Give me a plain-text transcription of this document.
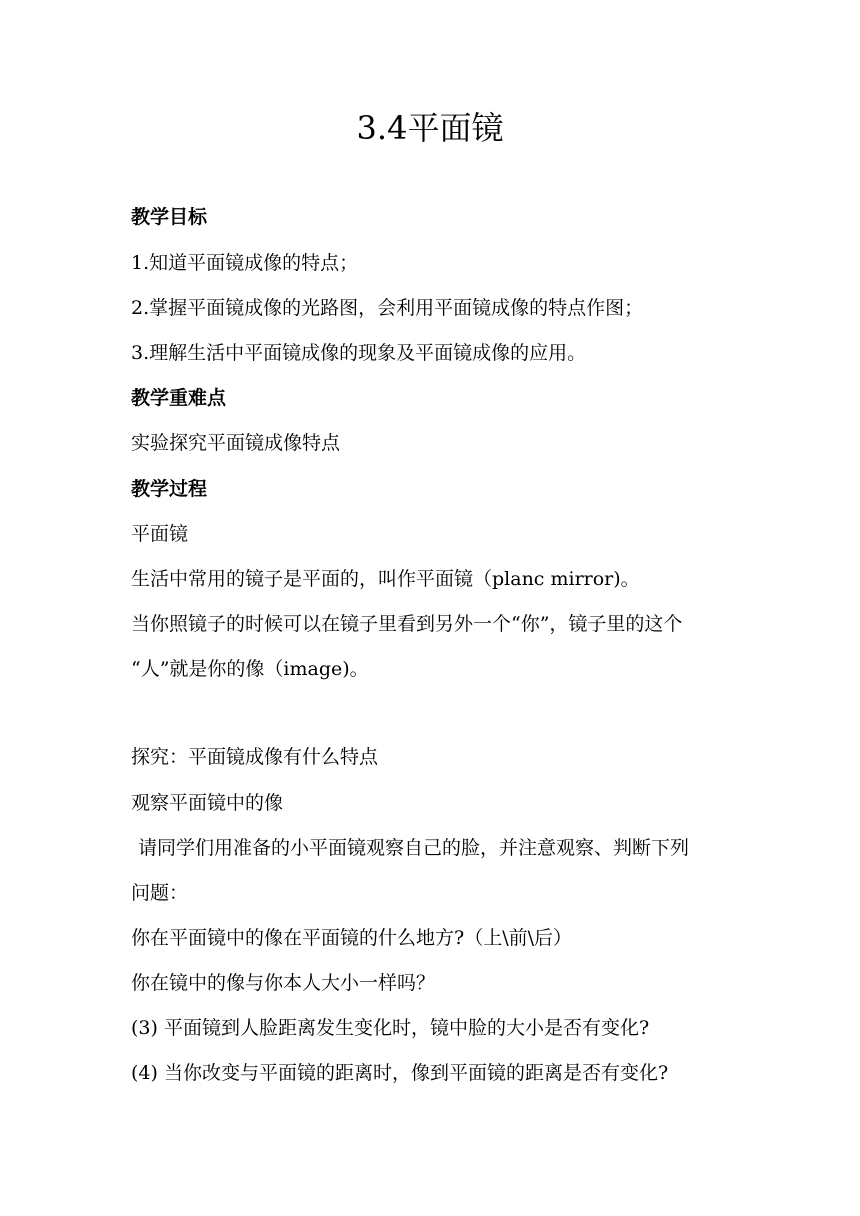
3.4平面镜
教学目标
1.知道平面镜成像的特点；
2.掌握平面镜成像的光路图，会利用平面镜成像的特点作图；
3.理解生活中平面镜成像的现象及平面镜成像的应用。
教学重难点
实验探究平面镜成像特点
教学过程
平面镜
生活中常用的镜子是平面的，叫作平面镜（planc mirror)。
当你照镜子的时候可以在镜子里看到另外一个“你”，镜子里的这个
“人”就是你的像（image)。
探究：平面镜成像有什么特点
观察平面镜中的像
请同学们用准备的小平面镜观察自己的脸，并注意观察、判断下列
问题：
你在平面镜中的像在平面镜的什么地方?（上\前\后）
你在镜中的像与你本人大小一样吗？
(3) 平面镜到人脸距离发生变化时，镜中脸的大小是否有变化?
(4) 当你改变与平面镜的距离时，像到平面镜的距离是否有变化?
